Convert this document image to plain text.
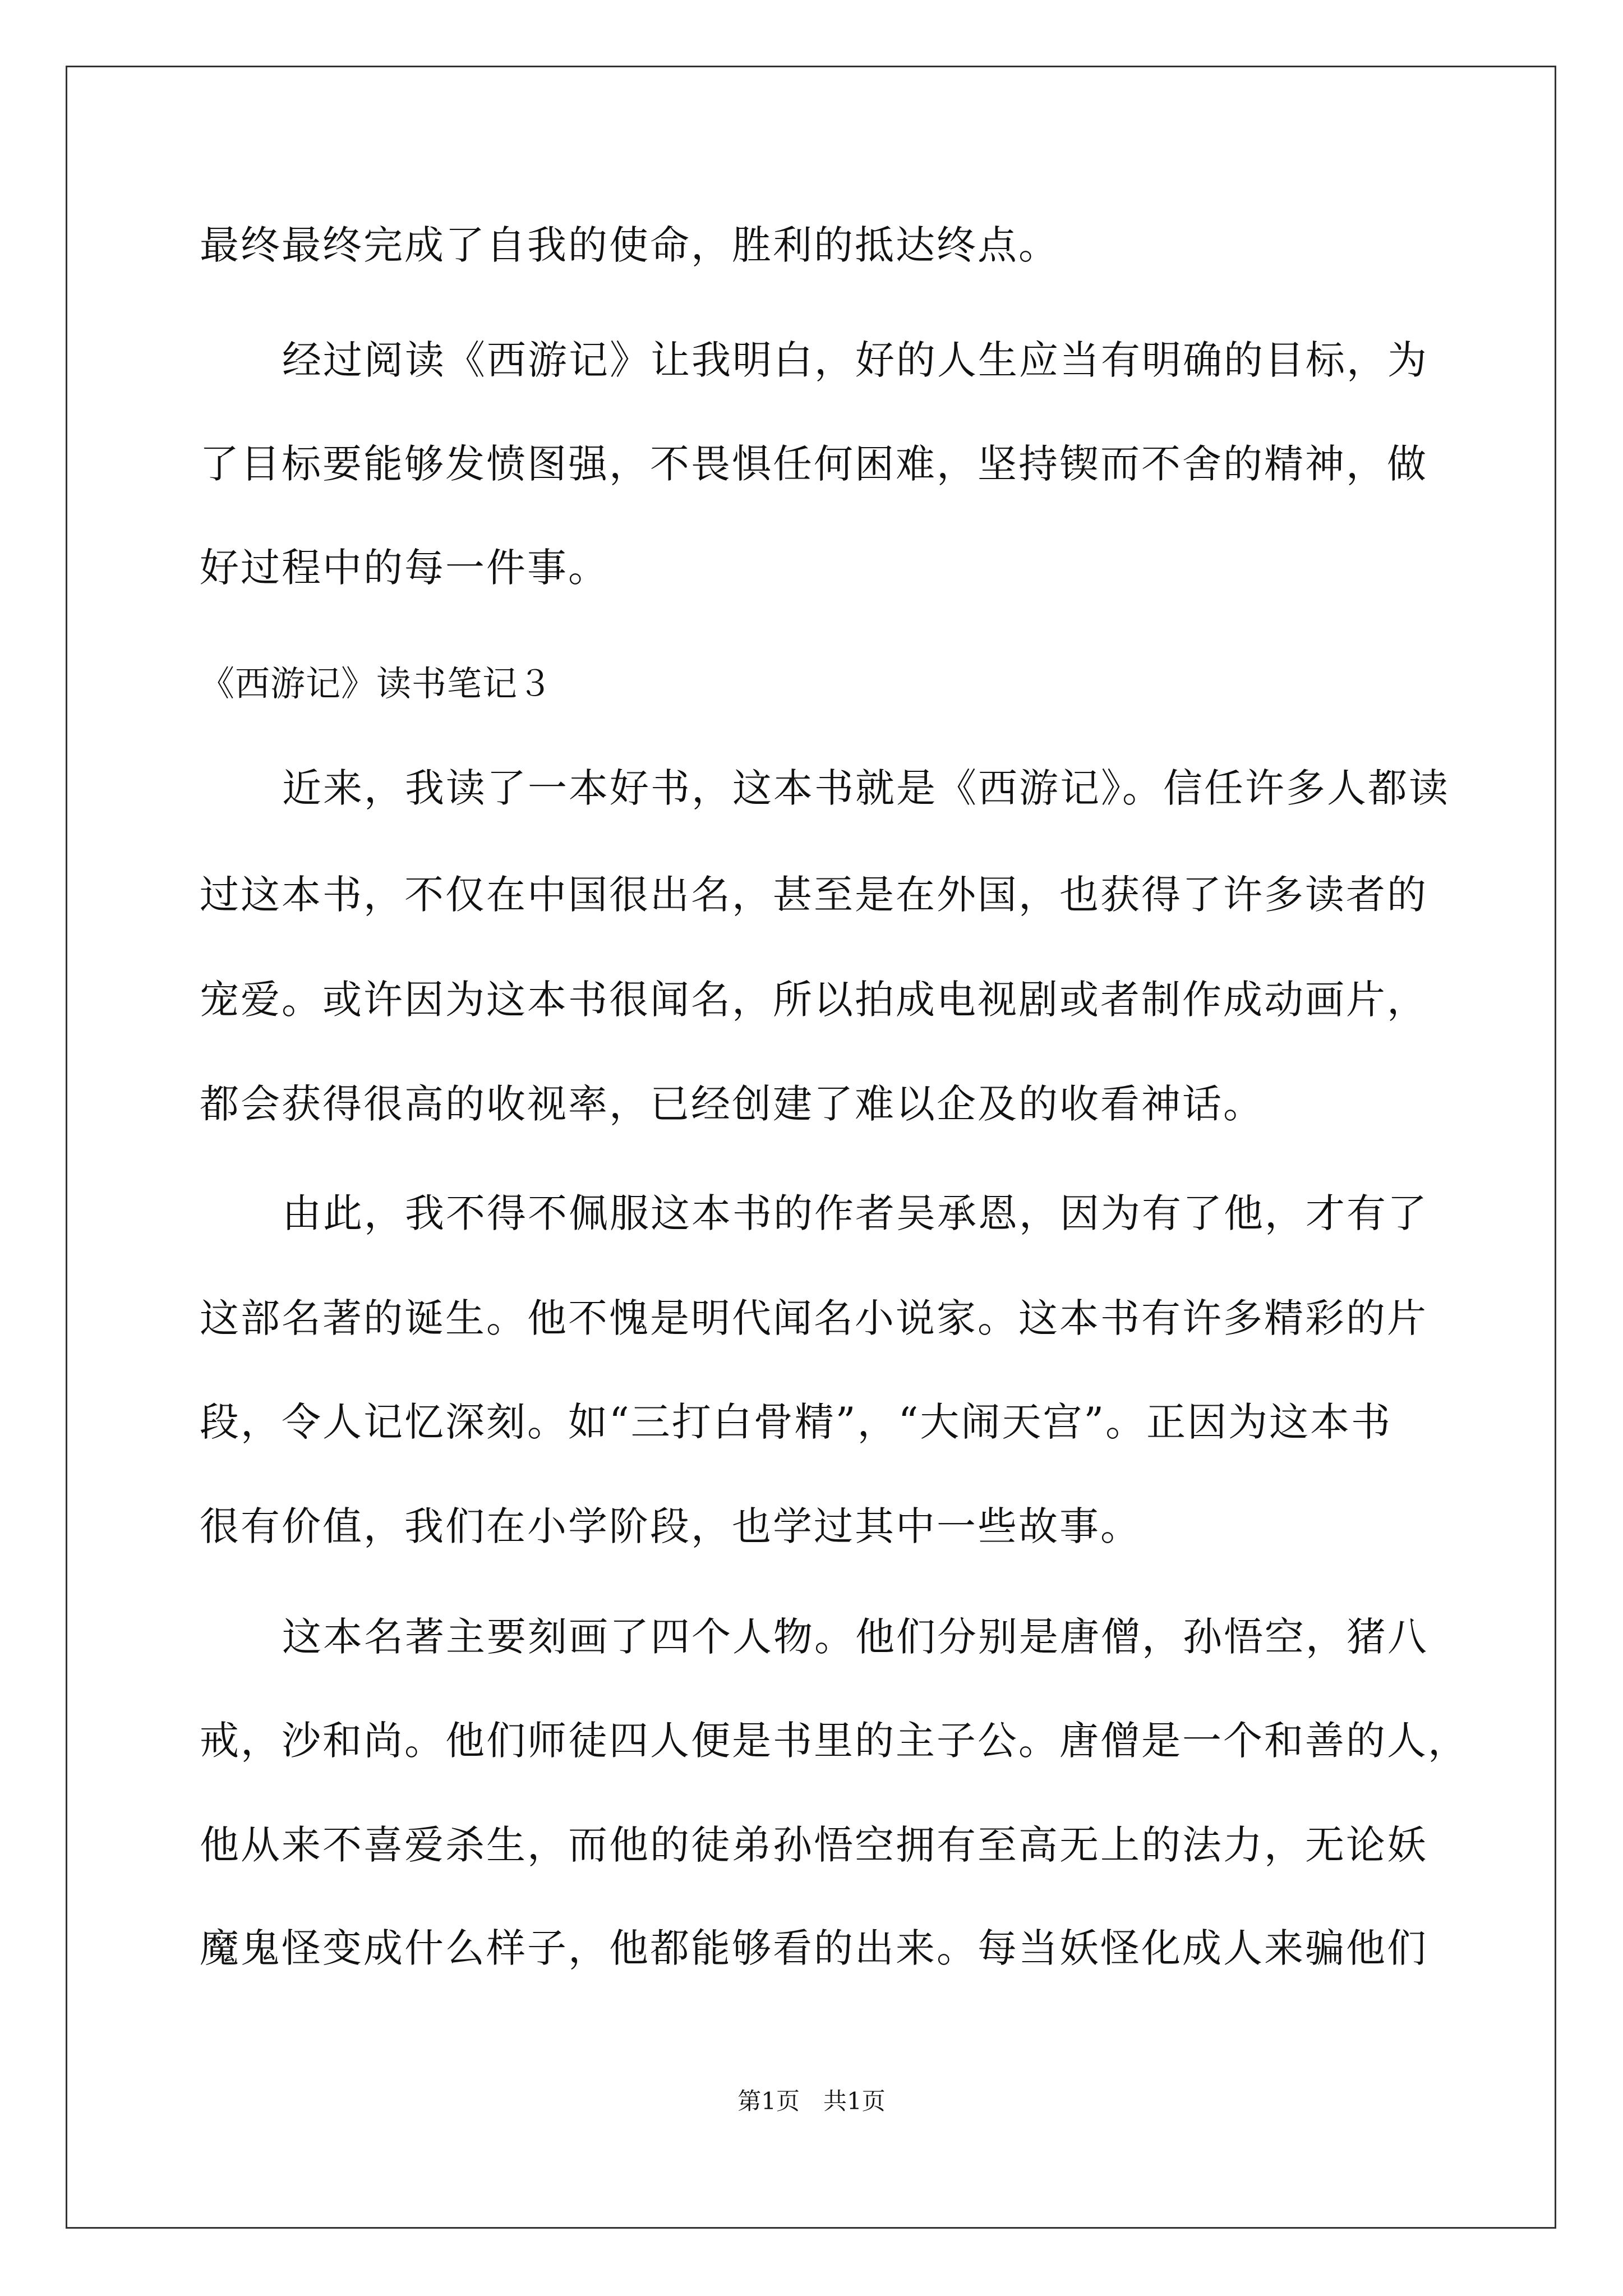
最终最终完成了自我的使命，胜利的抵达终点。
经过阅读《西游记》让我明白，好的人生应当有明确的目标，为
了目标要能够发愤图强，不畏惧任何困难，坚持锲而不舍的精神，做
好过程中的每一件事。
《西游记》读书笔记３
近来，我读了一本好书，这本书就是《西游记》。信任许多人都读
过这本书，不仅在中国很出名，甚至是在外国，也获得了许多读者的
宠爱。或许因为这本书很闻名，所以拍成电视剧或者制作成动画片，
都会获得很高的收视率，已经创建了难以企及的收看神话。
由此，我不得不佩服这本书的作者吴承恩，因为有了他，才有了
这部名著的诞生。他不愧是明代闻名小说家。这本书有许多精彩的片
段，令人记忆深刻。如“三打白骨精”，“大闹天宫”。正因为这本书
很有价值，我们在小学阶段，也学过其中一些故事。
这本名著主要刻画了四个人物。他们分别是唐僧，孙悟空，猪八
戒，沙和尚。他们师徒四人便是书里的主子公。唐僧是一个和善的人，
他从来不喜爱杀生，而他的徒弟孙悟空拥有至高无上的法力，无论妖
魔鬼怪变成什么样子，他都能够看的出来。每当妖怪化成人来骗他们
第1页　共1页
